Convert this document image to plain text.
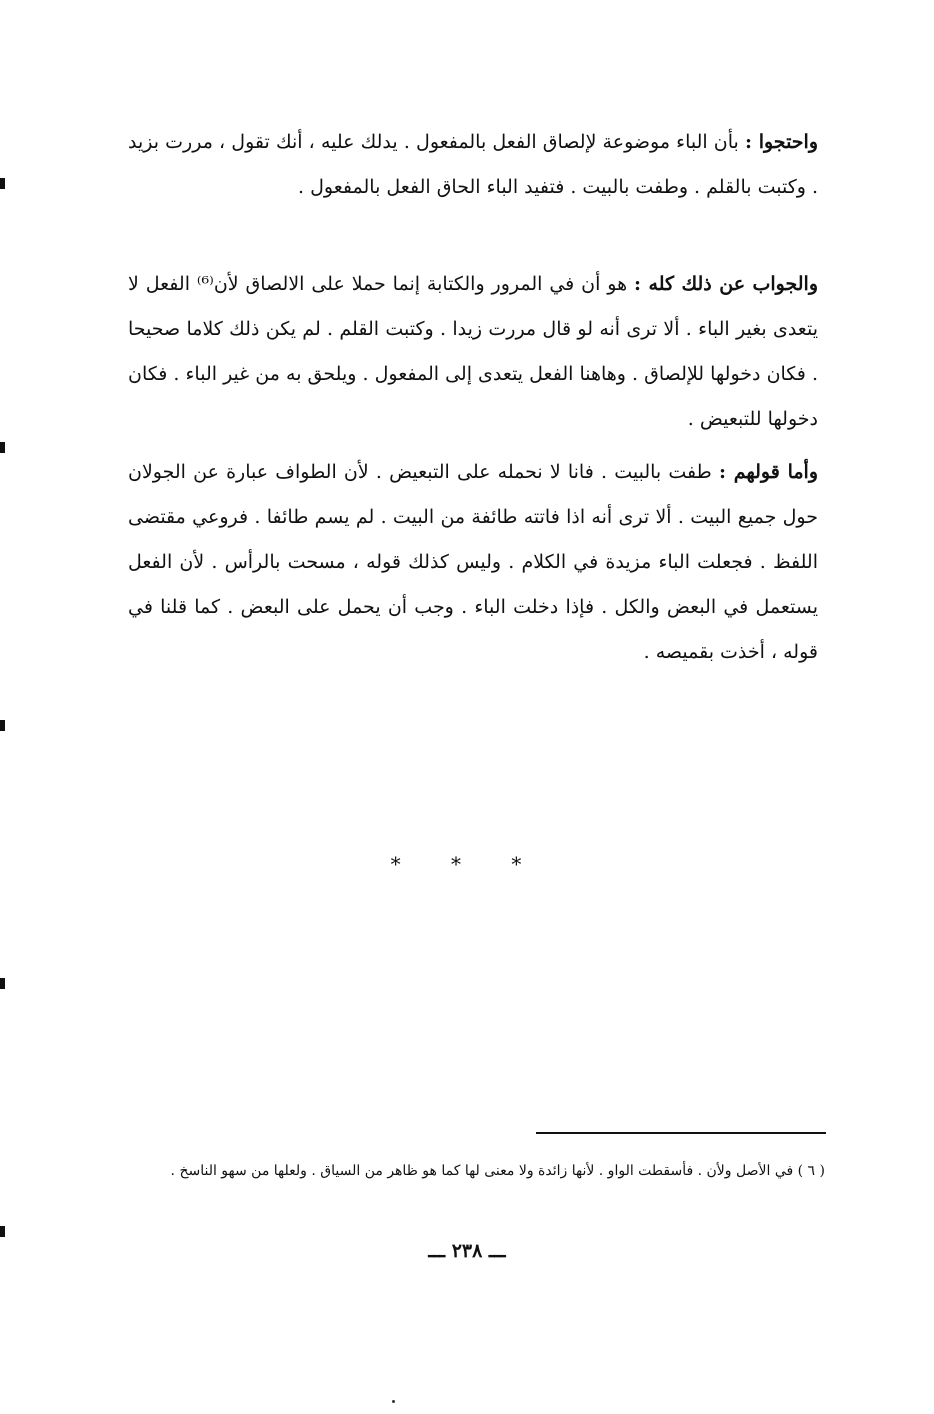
واحتجوا : بأن الباء موضوعة لإلصاق الفعل بالمفعول . يدلك عليه ، أنك تقول ، مررت بزيد . وكتبت بالقلم . وطفت بالبيت . فتفيد الباء الحاق الفعل بالمفعول .
والجواب عن ذلك كله : هو أن في المرور والكتابة إنما حملا على الالصاق لأن⁽⁶⁾ الفعل لا يتعدى بغير الباء . ألا ترى أنه لو قال مررت زيدا . وكتبت القلم . لم يكن ذلك كلاما صحيحا . فكان دخولها للإلصاق . وهاهنا الفعل يتعدى إلى المفعول . ويلحق به من غير الباء . فكان دخولها للتبعيض .
وأما قولهم : طفت بالبيت . فانا لا نحمله على التبعيض . لأن الطواف عبارة عن الجولان حول جميع البيت . ألا ترى أنه اذا فاتته طائفة من البيت . لم يسم طائفا . فروعي مقتضى اللفظ . فجعلت الباء مزيدة في الكلام . وليس كذلك قوله ، مسحت بالرأس . لأن الفعل يستعمل في البعض والكل . فإذا دخلت الباء . وجب أن يحمل على البعض . كما قلنا في قوله ، أخذت بقميصه .
* * *
( ٦ ) في الأصل ولأن . فأسقطت الواو . لأنها زائدة ولا معنى لها كما هو ظاهر من السياق . ولعلها من سهو الناسخ .
ـــ ٢٣٨ ـــ
